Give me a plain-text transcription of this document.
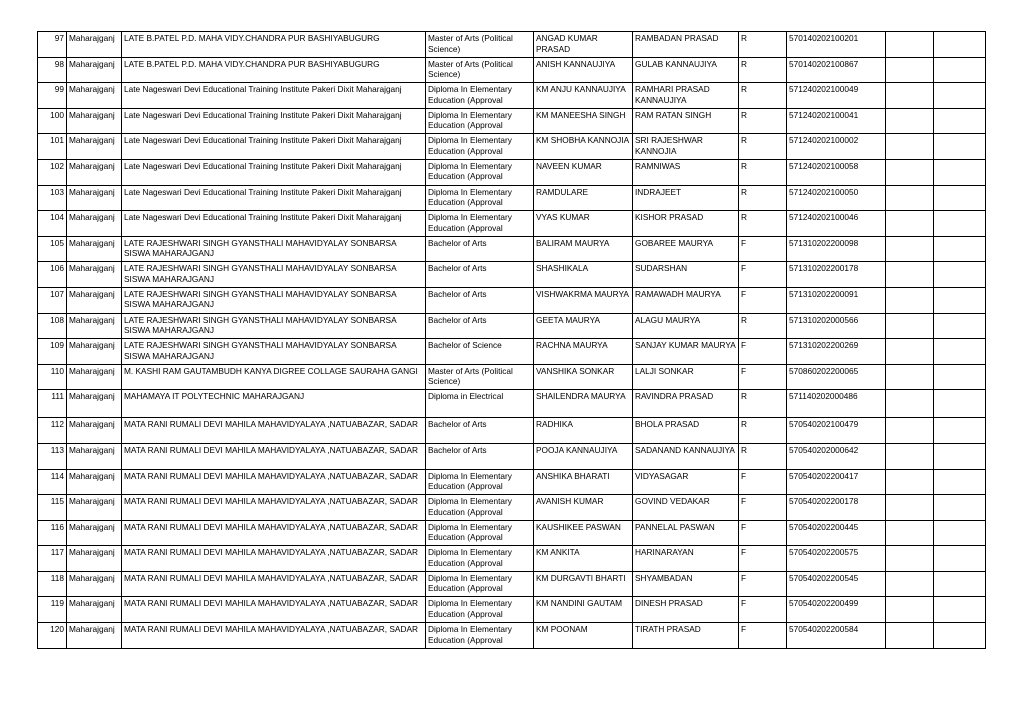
97	Maharajganj	LATE B.PATEL P.D. MAHA VIDY.CHANDRA PUR BASHIYABUGURG	Master of Arts (Political Science)	ANGAD KUMAR PRASAD	RAMBADAN PRASAD	R	570140202100201		
98	Maharajganj	LATE B.PATEL P.D. MAHA VIDY.CHANDRA PUR BASHIYABUGURG	Master of Arts (Political Science)	ANISH KANNAUJIYA	GULAB KANNAUJIYA	R	570140202100867		
99	Maharajganj	Late Nageswari Devi Educational Training Institute Pakeri Dixit Maharajganj	Diploma In Elementary Education (Approval	KM ANJU KANNAUJIYA	RAMHARI PRASAD KANNAUJIYA	R	571240202100049		
100	Maharajganj	Late Nageswari Devi Educational Training Institute Pakeri Dixit Maharajganj	Diploma In Elementary Education (Approval	KM MANEESHA SINGH	RAM RATAN SINGH	R	571240202100041		
101	Maharajganj	Late Nageswari Devi Educational Training Institute Pakeri Dixit Maharajganj	Diploma In Elementary Education (Approval	KM SHOBHA KANNOJIA	SRI RAJESHWAR KANNOJIA	R	571240202100002		
102	Maharajganj	Late Nageswari Devi Educational Training Institute Pakeri Dixit Maharajganj	Diploma In Elementary Education (Approval	NAVEEN KUMAR	RAMNIWAS	R	571240202100058		
103	Maharajganj	Late Nageswari Devi Educational Training Institute Pakeri Dixit Maharajganj	Diploma In Elementary Education (Approval	RAMDULARE	INDRAJEET	R	571240202100050		
104	Maharajganj	Late Nageswari Devi Educational Training Institute Pakeri Dixit Maharajganj	Diploma In Elementary Education (Approval	VYAS KUMAR	KISHOR PRASAD	R	571240202100046		
105	Maharajganj	LATE RAJESHWARI SINGH GYANSTHALI MAHAVIDYALAY SONBARSA SISWA MAHARAJGANJ	Bachelor of Arts	BALIRAM MAURYA	GOBAREE MAURYA	F	571310202200098		
106	Maharajganj	LATE RAJESHWARI SINGH GYANSTHALI MAHAVIDYALAY SONBARSA SISWA MAHARAJGANJ	Bachelor of Arts	SHASHIKALA	SUDARSHAN	F	571310202200178		
107	Maharajganj	LATE RAJESHWARI SINGH GYANSTHALI MAHAVIDYALAY SONBARSA SISWA MAHARAJGANJ	Bachelor of Arts	VISHWAKRMA MAURYA	RAMAWADH MAURYA	F	571310202200091		
108	Maharajganj	LATE RAJESHWARI SINGH GYANSTHALI MAHAVIDYALAY SONBARSA SISWA MAHARAJGANJ	Bachelor of Arts	GEETA MAURYA	ALAGU MAURYA	R	571310202000566		
109	Maharajganj	LATE RAJESHWARI SINGH GYANSTHALI MAHAVIDYALAY SONBARSA SISWA MAHARAJGANJ	Bachelor of Science	RACHNA MAURYA	SANJAY KUMAR MAURYA	F	571310202200269		
110	Maharajganj	M. KASHI RAM GAUTAMBUDH KANYA DIGREE COLLAGE SAURAHA GANGI	Master of Arts (Political Science)	VANSHIKA SONKAR	LALJI SONKAR	F	570860202200065		
111	Maharajganj	MAHAMAYA IT POLYTECHNIC MAHARAJGANJ	Diploma in Electrical	SHAILENDRA MAURYA	RAVINDRA PRASAD	R	571140202000486		
112	Maharajganj	MATA RANI RUMALI DEVI MAHILA MAHAVIDYALAYA ,NATUABAZAR, SADAR	Bachelor of Arts	RADHIKA	BHOLA PRASAD	R	570540202100479		
113	Maharajganj	MATA RANI RUMALI DEVI MAHILA MAHAVIDYALAYA ,NATUABAZAR, SADAR	Bachelor of Arts	POOJA KANNAUJIYA	SADANAND KANNAUJIYA	R	570540202000642		
114	Maharajganj	MATA RANI RUMALI DEVI MAHILA MAHAVIDYALAYA ,NATUABAZAR, SADAR	Diploma In Elementary Education (Approval	ANSHIKA BHARATI	VIDYASAGAR	F	570540202200417		
115	Maharajganj	MATA RANI RUMALI DEVI MAHILA MAHAVIDYALAYA ,NATUABAZAR, SADAR	Diploma In Elementary Education (Approval	AVANISH KUMAR	GOVIND VEDAKAR	F	570540202200178		
116	Maharajganj	MATA RANI RUMALI DEVI MAHILA MAHAVIDYALAYA ,NATUABAZAR, SADAR	Diploma In Elementary Education (Approval	KAUSHIKEE PASWAN	PANNELAL PASWAN	F	570540202200445		
117	Maharajganj	MATA RANI RUMALI DEVI MAHILA MAHAVIDYALAYA ,NATUABAZAR, SADAR	Diploma In Elementary Education (Approval	KM ANKITA	HARINARAYAN	F	570540202200575		
118	Maharajganj	MATA RANI RUMALI DEVI MAHILA MAHAVIDYALAYA ,NATUABAZAR, SADAR	Diploma In Elementary Education (Approval	KM DURGAVTI BHARTI	SHYAMBADAN	F	570540202200545		
119	Maharajganj	MATA RANI RUMALI DEVI MAHILA MAHAVIDYALAYA ,NATUABAZAR, SADAR	Diploma In Elementary Education (Approval	KM NANDINI GAUTAM	DINESH PRASAD	F	570540202200499		
120	Maharajganj	MATA RANI RUMALI DEVI MAHILA MAHAVIDYALAYA ,NATUABAZAR, SADAR	Diploma In Elementary Education (Approval	KM POONAM	TIRATH PRASAD	F	570540202200584		
